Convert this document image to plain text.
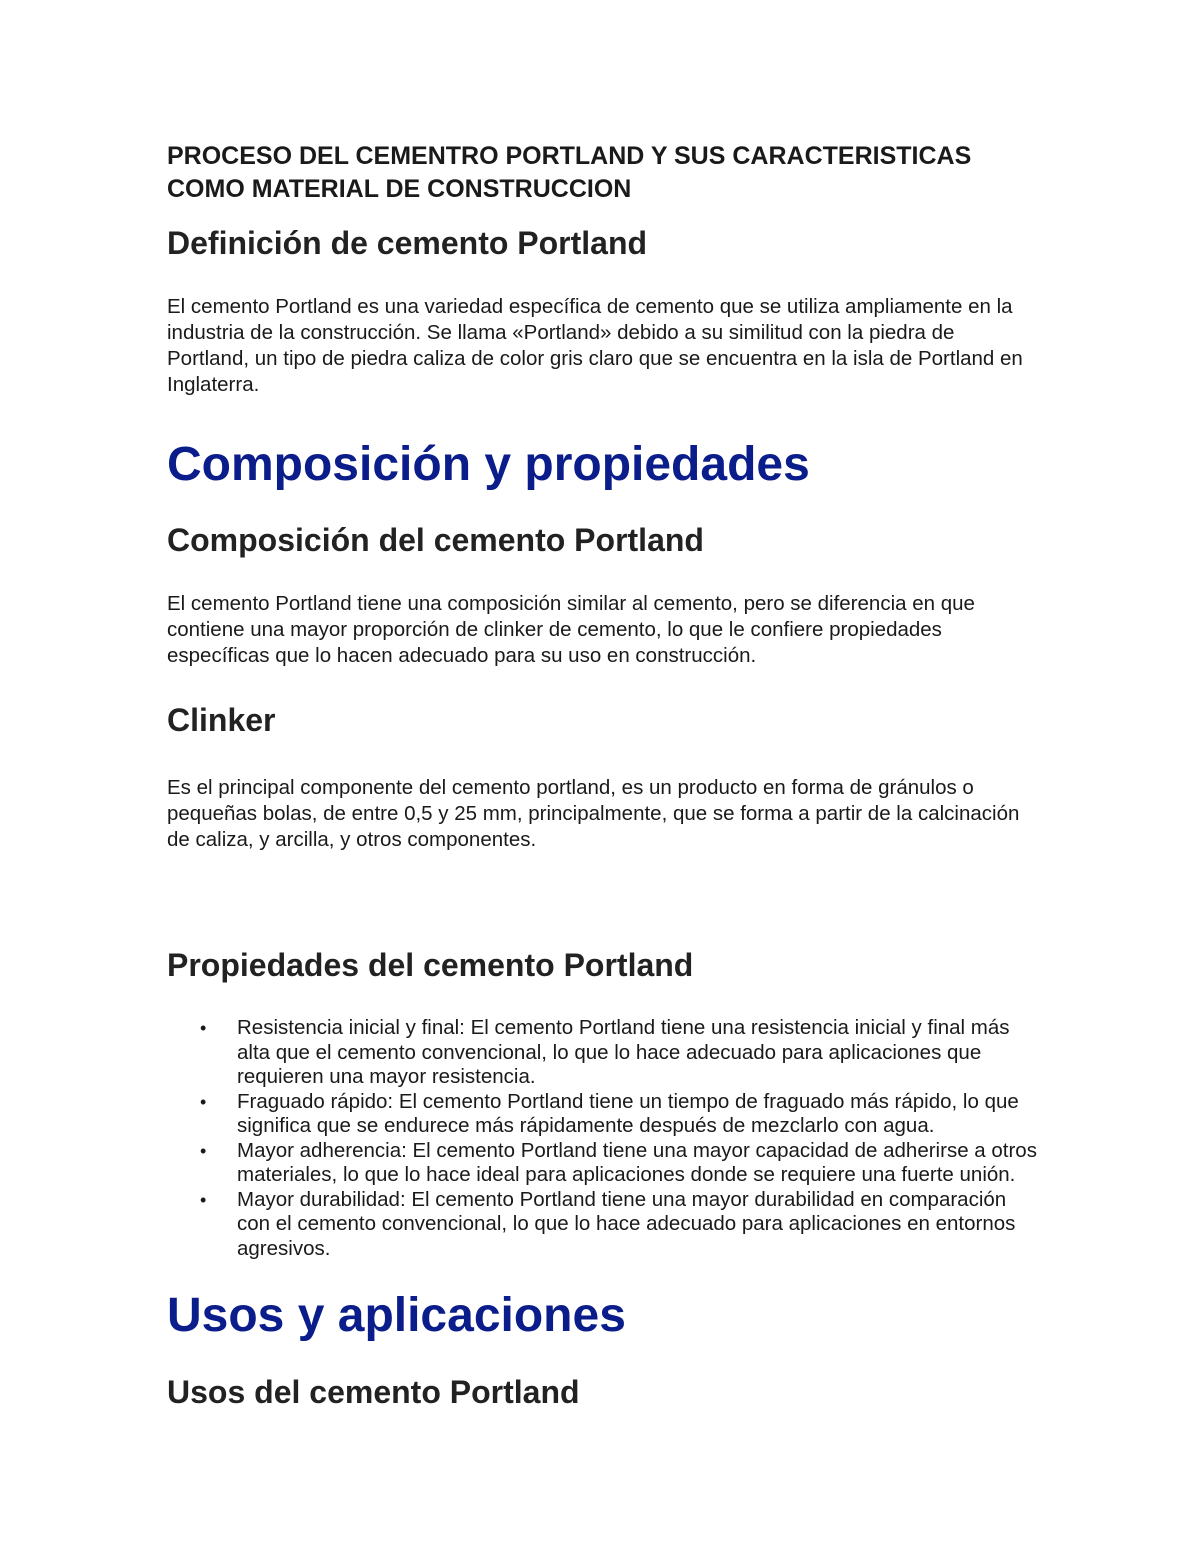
PROCESO DEL CEMENTRO PORTLAND Y SUS CARACTERISTICAS COMO MATERIAL DE CONSTRUCCION
Definición de cemento Portland

El cemento Portland es una variedad específica de cemento que se utiliza ampliamente en la industria de la construcción. Se llama «Portland» debido a su similitud con la piedra de Portland, un tipo de piedra caliza de color gris claro que se encuentra en la isla de Portland en Inglaterra.

Composición y propiedades
Composición del cemento Portland

El cemento Portland tiene una composición similar al cemento, pero se diferencia en que contiene una mayor proporción de clinker de cemento, lo que le confiere propiedades específicas que lo hacen adecuado para su uso en construcción.

Clinker

Es el principal componente del cemento portland, es un producto en forma de gránulos o pequeñas bolas, de entre 0,5 y 25 mm, principalmente, que se forma a partir de la calcinación de caliza, y arcilla, y otros componentes.

Propiedades del cemento Portland
• Resistencia inicial y final: El cemento Portland tiene una resistencia inicial y final más alta que el cemento convencional, lo que lo hace adecuado para aplicaciones que requieren una mayor resistencia.
• Fraguado rápido: El cemento Portland tiene un tiempo de fraguado más rápido, lo que significa que se endurece más rápidamente después de mezclarlo con agua.
• Mayor adherencia: El cemento Portland tiene una mayor capacidad de adherirse a otros materiales, lo que lo hace ideal para aplicaciones donde se requiere una fuerte unión.
• Mayor durabilidad: El cemento Portland tiene una mayor durabilidad en comparación con el cemento convencional, lo que lo hace adecuado para aplicaciones en entornos agresivos.
Usos y aplicaciones
Usos del cemento Portland
